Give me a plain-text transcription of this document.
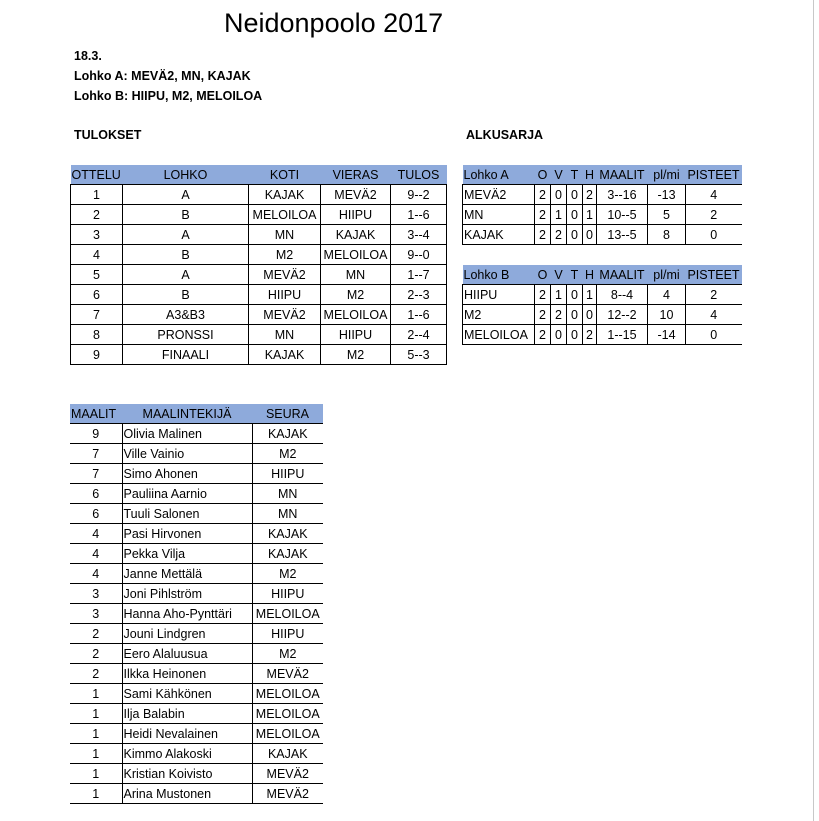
Neidonpoolo 2017
18.3.
Lohko A: MEVÄ2, MN, KAJAK
Lohko B: HIIPU, M2, MELOILOA
TULOKSET	ALKUSARJA
OTTELU	LOHKO	KOTI	VIERAS	TULOS
1	A	KAJAK	MEVÄ2	9--2
2	B	MELOILOA	HIIPU	1--6
3	A	MN	KAJAK	3--4
4	B	M2	MELOILOA	9--0
5	A	MEVÄ2	MN	1--7
6	B	HIIPU	M2	2--3
7	A3&B3	MEVÄ2	MELOILOA	1--6
8	PRONSSI	MN	HIIPU	2--4
9	FINAALI	KAJAK	M2	5--3
Lohko A	O	V	T	H	MAALIT	pl/mi	PISTEET
MEVÄ2	2	0	0	2	3--16	-13	4
MN	2	1	0	1	10--5	5	2
KAJAK	2	2	0	0	13--5	8	0
Lohko B	O	V	T	H	MAALIT	pl/mi	PISTEET
HIIPU	2	1	0	1	8--4	4	2
M2	2	2	0	0	12--2	10	4
MELOILOA	2	0	0	2	1--15	-14	0
MAALIT	MAALINTEKIJÄ	SEURA
9	Olivia Malinen	KAJAK
7	Ville Vainio	M2
7	Simo Ahonen	HIIPU
6	Pauliina Aarnio	MN
6	Tuuli Salonen	MN
4	Pasi Hirvonen	KAJAK
4	Pekka Vilja	KAJAK
4	Janne Mettälä	M2
3	Joni Pihlström	HIIPU
3	Hanna Aho-Pynttäri	MELOILOA
2	Jouni Lindgren	HIIPU
2	Eero Alaluusua	M2
2	Ilkka Heinonen	MEVÄ2
1	Sami Kähkönen	MELOILOA
1	Ilja Balabin	MELOILOA
1	Heidi Nevalainen	MELOILOA
1	Kimmo Alakoski	KAJAK
1	Kristian Koivisto	MEVÄ2
1	Arina Mustonen	MEVÄ2
